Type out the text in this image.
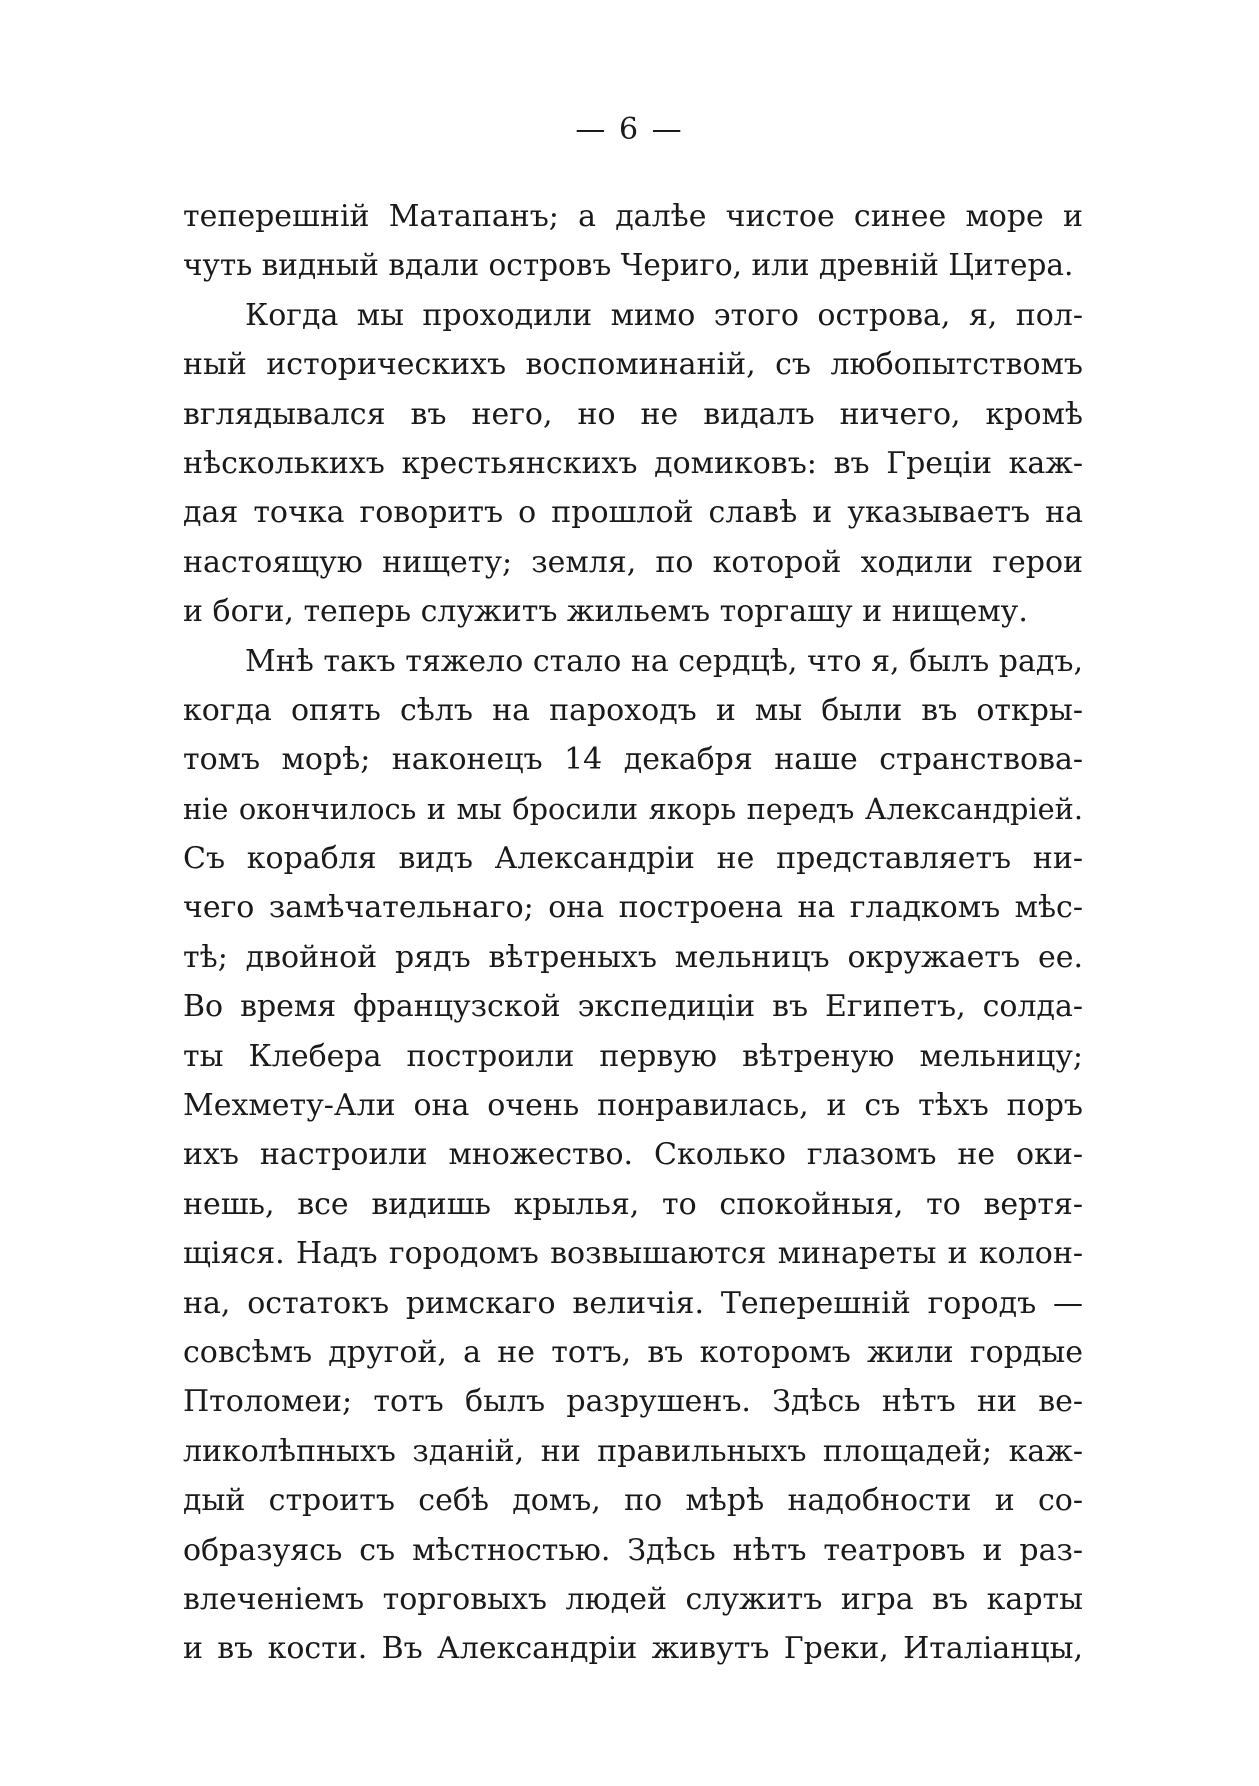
— 6 —
теперешній Матапанъ; а далѣе чистое синее море и
чуть видный вдали островъ Чериго, или древній Цитера.
Когда мы проходили мимо этого острова, я, пол-
ный историческихъ воспоминаній, съ любопытствомъ
вглядывался въ него, но не видалъ ничего, кромѣ
нѣсколькихъ крестьянскихъ домиковъ: въ Греціи каж-
дая точка говоритъ о прошлой славѣ и указываетъ на
настоящую нищету; земля, по которой ходили герои
и боги, теперь служитъ жильемъ торгашу и нищему.
Мнѣ такъ тяжело стало на сердцѣ, что я, былъ радъ,
когда опять сѣлъ на пароходъ и мы были въ откры-
томъ морѣ; наконецъ 14 декабря наше странствова-
ніе окончилось и мы бросили якорь передъ Александріей.
Съ корабля видъ Александріи не представляетъ ни-
чего замѣчательнаго; она построена на гладкомъ мѣс-
тѣ; двойной рядъ вѣтреныхъ мельницъ окружаетъ ее.
Во время французской экспедиціи въ Египетъ, солда-
ты Клебера построили первую вѣтреную мельницу;
Мехмету-Али она очень понравилась, и съ тѣхъ поръ
ихъ настроили множество. Сколько глазомъ не оки-
нешь, все видишь крылья, то спокойныя, то вертя-
щіяся. Надъ городомъ возвышаются минареты и колон-
на, остатокъ римскаго величія. Теперешній городъ —
совсѣмъ другой, а не тотъ, въ которомъ жили гордые
Птоломеи; тотъ былъ разрушенъ. Здѣсь нѣтъ ни ве-
ликолѣпныхъ зданій, ни правильныхъ площадей; каж-
дый строитъ себѣ домъ, по мѣрѣ надобности и со-
образуясь съ мѣстностью. Здѣсь нѣтъ театровъ и раз-
влеченіемъ торговыхъ людей служитъ игра въ карты
и въ кости. Въ Александріи живутъ Греки, Италіанцы,
